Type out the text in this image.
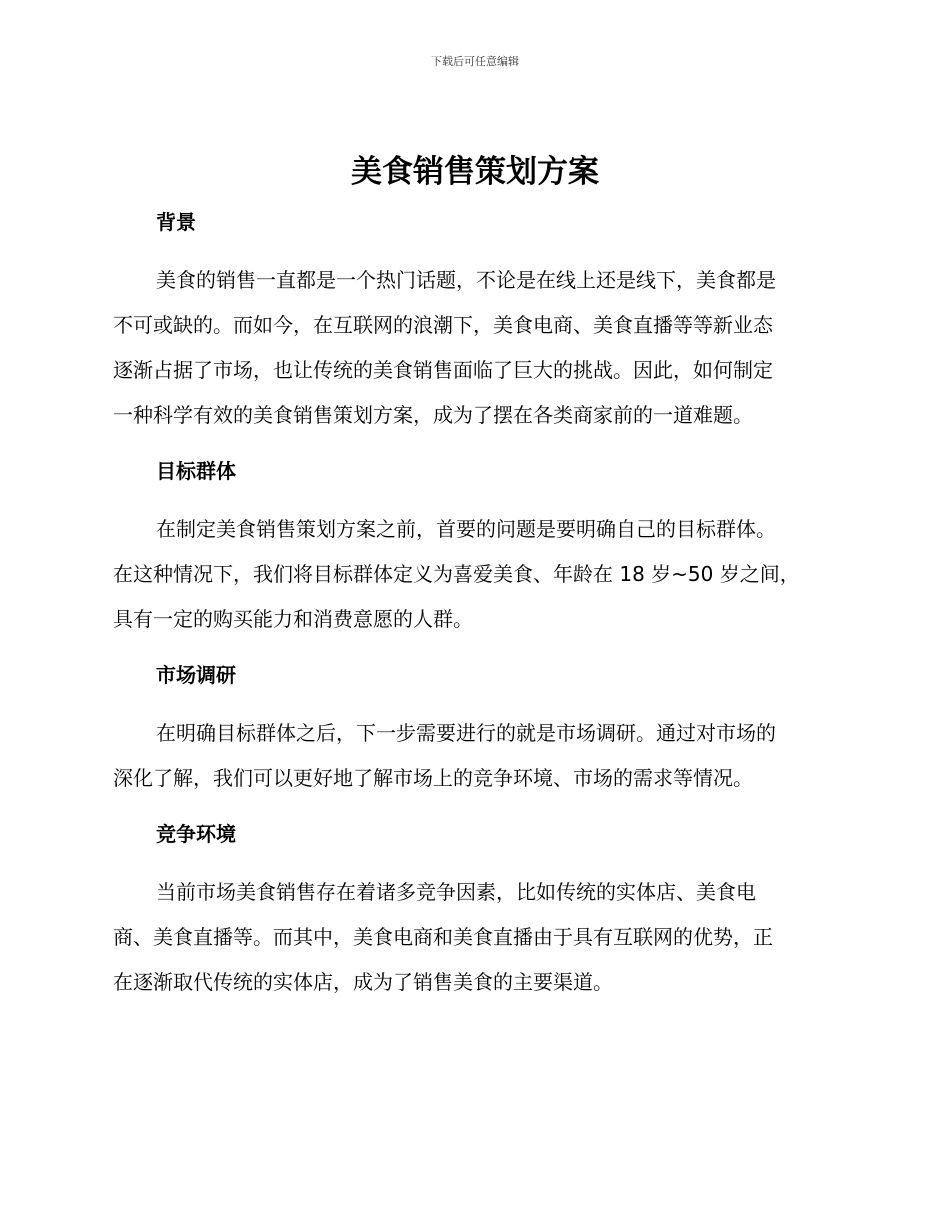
下载后可任意编辑
美食销售策划方案
背景

美食的销售一直都是一个热门话题，不论是在线上还是线下，美食都是
不可或缺的。而如今，在互联网的浪潮下，美食电商、美食直播等等新业态
逐渐占据了市场，也让传统的美食销售面临了巨大的挑战。因此，如何制定
一种科学有效的美食销售策划方案，成为了摆在各类商家前的一道难题。

目标群体

在制定美食销售策划方案之前，首要的问题是要明确自己的目标群体。
在这种情况下，我们将目标群体定义为喜爱美食、年龄在 18 岁~50 岁之间，
具有一定的购买能力和消费意愿的人群。

市场调研

在明确目标群体之后，下一步需要进行的就是市场调研。通过对市场的
深化了解，我们可以更好地了解市场上的竞争环境、市场的需求等情况。

竞争环境

当前市场美食销售存在着诸多竞争因素，比如传统的实体店、美食电
商、美食直播等。而其中，美食电商和美食直播由于具有互联网的优势，正
在逐渐取代传统的实体店，成为了销售美食的主要渠道。
